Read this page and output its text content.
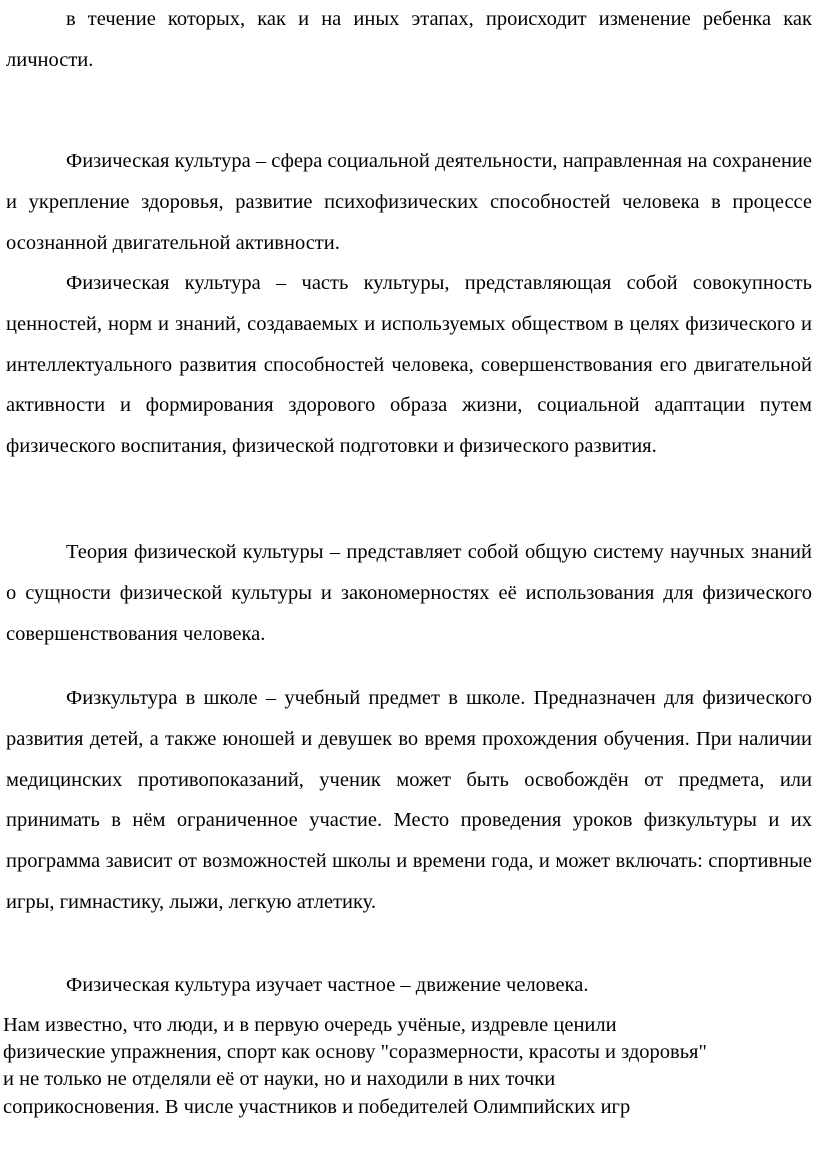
в течение которых, как и на иных этапах, происходит изменение ребенка как личности.

Физическая культура – сфера социальной деятельности, направленная на сохранение и укрепление здоровья, развитие психофизических способностей человека в процессе осознанной двигательной активности.

Физическая культура – часть культуры, представляющая собой совокупность ценностей, норм и знаний, создаваемых и используемых обществом в целях физического и интеллектуального развития способностей человека, совершенствования его двигательной активности и формирования здорового образа жизни, социальной адаптации путем физического воспитания, физической подготовки и физического развития.

Теория физической культуры – представляет собой общую систему научных знаний о сущности физической культуры и закономерностях её использования для физического совершенствования человека.

Физкультура в школе – учебный предмет в школе. Предназначен для физического развития детей, а также юношей и девушек во время прохождения обучения. При наличии медицинских противопоказаний, ученик может быть освобождён от предмета, или принимать в нём ограниченное участие. Место проведения уроков физкультуры и их программа зависит от возможностей школы и времени года, и может включать: спортивные игры, гимнастику, лыжи, легкую атлетику.

Физическая культура изучает частное – движение человека.

Нам известно, что люди, и в первую очередь учёные, издревле ценили
физические упражнения, спорт как основу "соразмерности, красоты и здоровья"
и не только не отделяли её от науки, но и находили в них точки
соприкосновения. В числе участников и победителей Олимпийских игр
